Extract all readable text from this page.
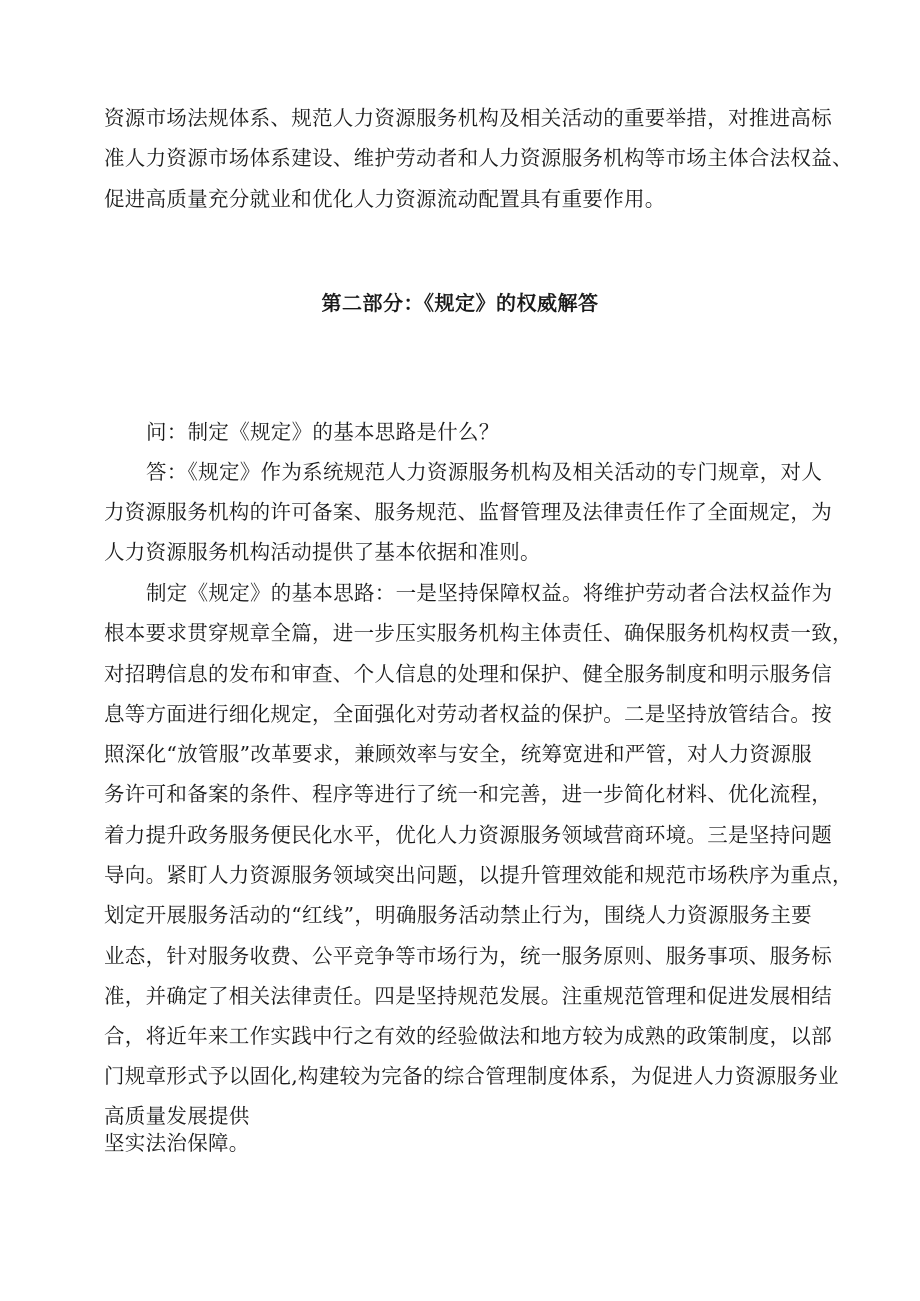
资源市场法规体系、规范人力资源服务机构及相关活动的重要举措，对推进高标
准人力资源市场体系建设、维护劳动者和人力资源服务机构等市场主体合法权益、
促进高质量充分就业和优化人力资源流动配置具有重要作用。
第二部分：《规定》的权威解答
问：制定《规定》的基本思路是什么？
答：《规定》作为系统规范人力资源服务机构及相关活动的专门规章，对人
力资源服务机构的许可备案、服务规范、监督管理及法律责任作了全面规定，为
人力资源服务机构活动提供了基本依据和准则。
制定《规定》的基本思路：一是坚持保障权益。将维护劳动者合法权益作为
根本要求贯穿规章全篇，进一步压实服务机构主体责任、确保服务机构权责一致，
对招聘信息的发布和审查、个人信息的处理和保护、健全服务制度和明示服务信
息等方面进行细化规定，全面强化对劳动者权益的保护。二是坚持放管结合。按
照深化“放管服”改革要求，兼顾效率与安全，统筹宽进和严管，对人力资源服
务许可和备案的条件、程序等进行了统一和完善，进一步简化材料、优化流程，
着力提升政务服务便民化水平，优化人力资源服务领域营商环境。三是坚持问题
导向。紧盯人力资源服务领域突出问题，以提升管理效能和规范市场秩序为重点，
划定开展服务活动的“红线”，明确服务活动禁止行为，围绕人力资源服务主要
业态，针对服务收费、公平竞争等市场行为，统一服务原则、服务事项、服务标
准，并确定了相关法律责任。四是坚持规范发展。注重规范管理和促进发展相结
合，将近年来工作实践中行之有效的经验做法和地方较为成熟的政策制度，以部
门规章形式予以固化,构建较为完备的综合管理制度体系，为促进人力资源服务业
高质量发展提供
坚实法治保障。
